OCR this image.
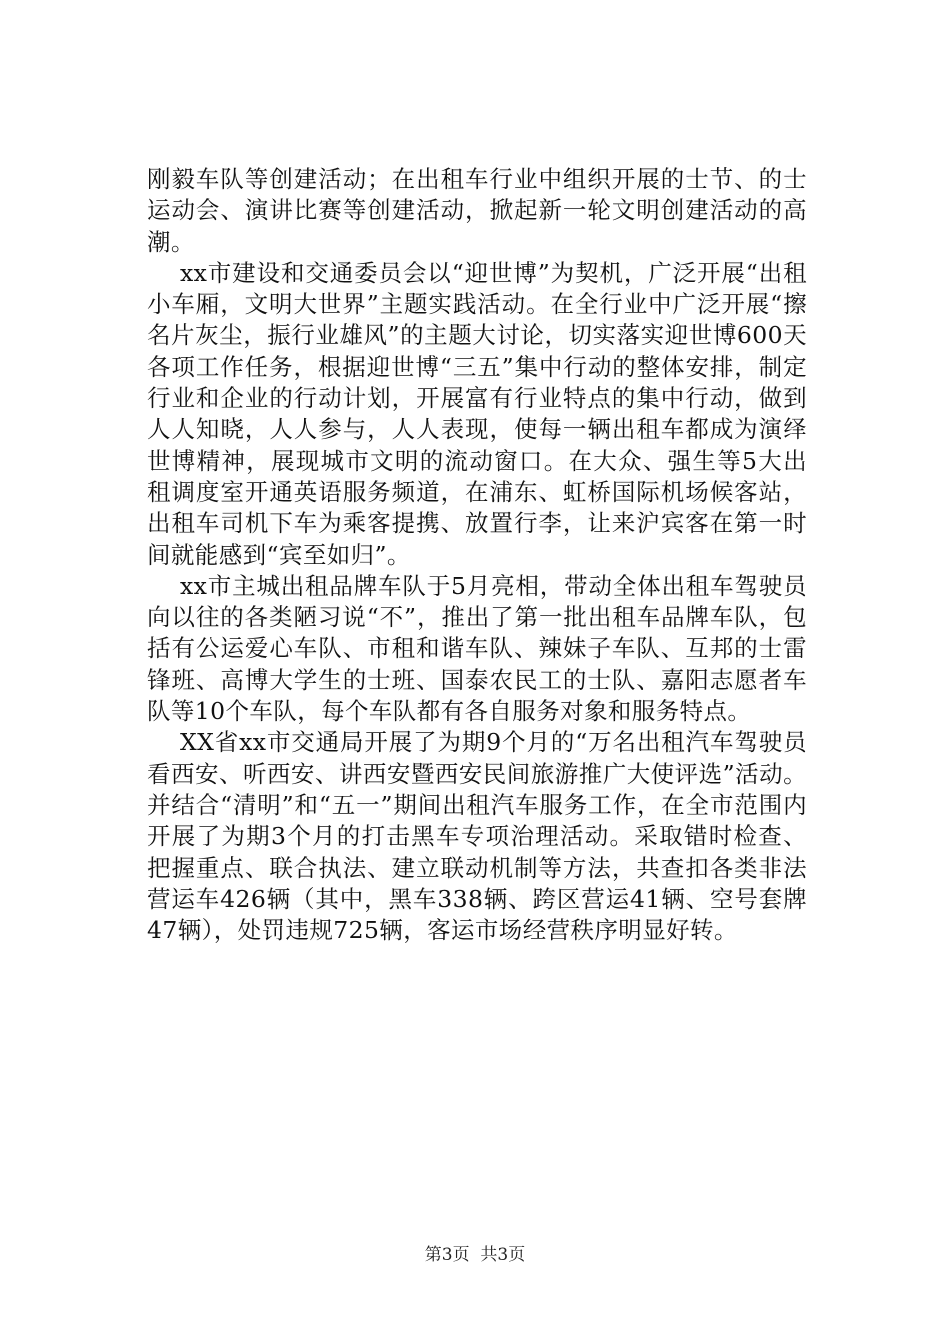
刚毅车队等创建活动；在出租车行业中组织开展的士节、的士运动会、演讲比赛等创建活动，掀起新一轮文明创建活动的高潮。

xx市建设和交通委员会以“迎世博”为契机，广泛开展“出租小车厢，文明大世界”主题实践活动。在全行业中广泛开展“擦名片灰尘，振行业雄风”的主题大讨论，切实落实迎世博600天各项工作任务，根据迎世博“三五”集中行动的整体安排，制定行业和企业的行动计划，开展富有行业特点的集中行动，做到人人知晓，人人参与，人人表现，使每一辆出租车都成为演绎世博精神，展现城市文明的流动窗口。在大众、强生等5大出租调度室开通英语服务频道，在浦东、虹桥国际机场候客站，出租车司机下车为乘客提携、放置行李，让来沪宾客在第一时间就能感到“宾至如归”。

xx市主城出租品牌车队于5月亮相，带动全体出租车驾驶员向以往的各类陋习说“不”，推出了第一批出租车品牌车队，包括有公运爱心车队、市租和谐车队、辣妹子车队、互邦的士雷锋班、高博大学生的士班、国泰农民工的士队、嘉阳志愿者车队等10个车队，每个车队都有各自服务对象和服务特点。

XX省xx市交通局开展了为期9个月的“万名出租汽车驾驶员看西安、听西安、讲西安暨西安民间旅游推广大使评选”活动。并结合“清明”和“五一”期间出租汽车服务工作，在全市范围内开展了为期3个月的打击黑车专项治理活动。采取错时检查、把握重点、联合执法、建立联动机制等方法，共查扣各类非法营运车426辆（其中，黑车338辆、跨区营运41辆、空号套牌47辆），处罚违规725辆，客运市场经营秩序明显好转。

第3页  共3页
